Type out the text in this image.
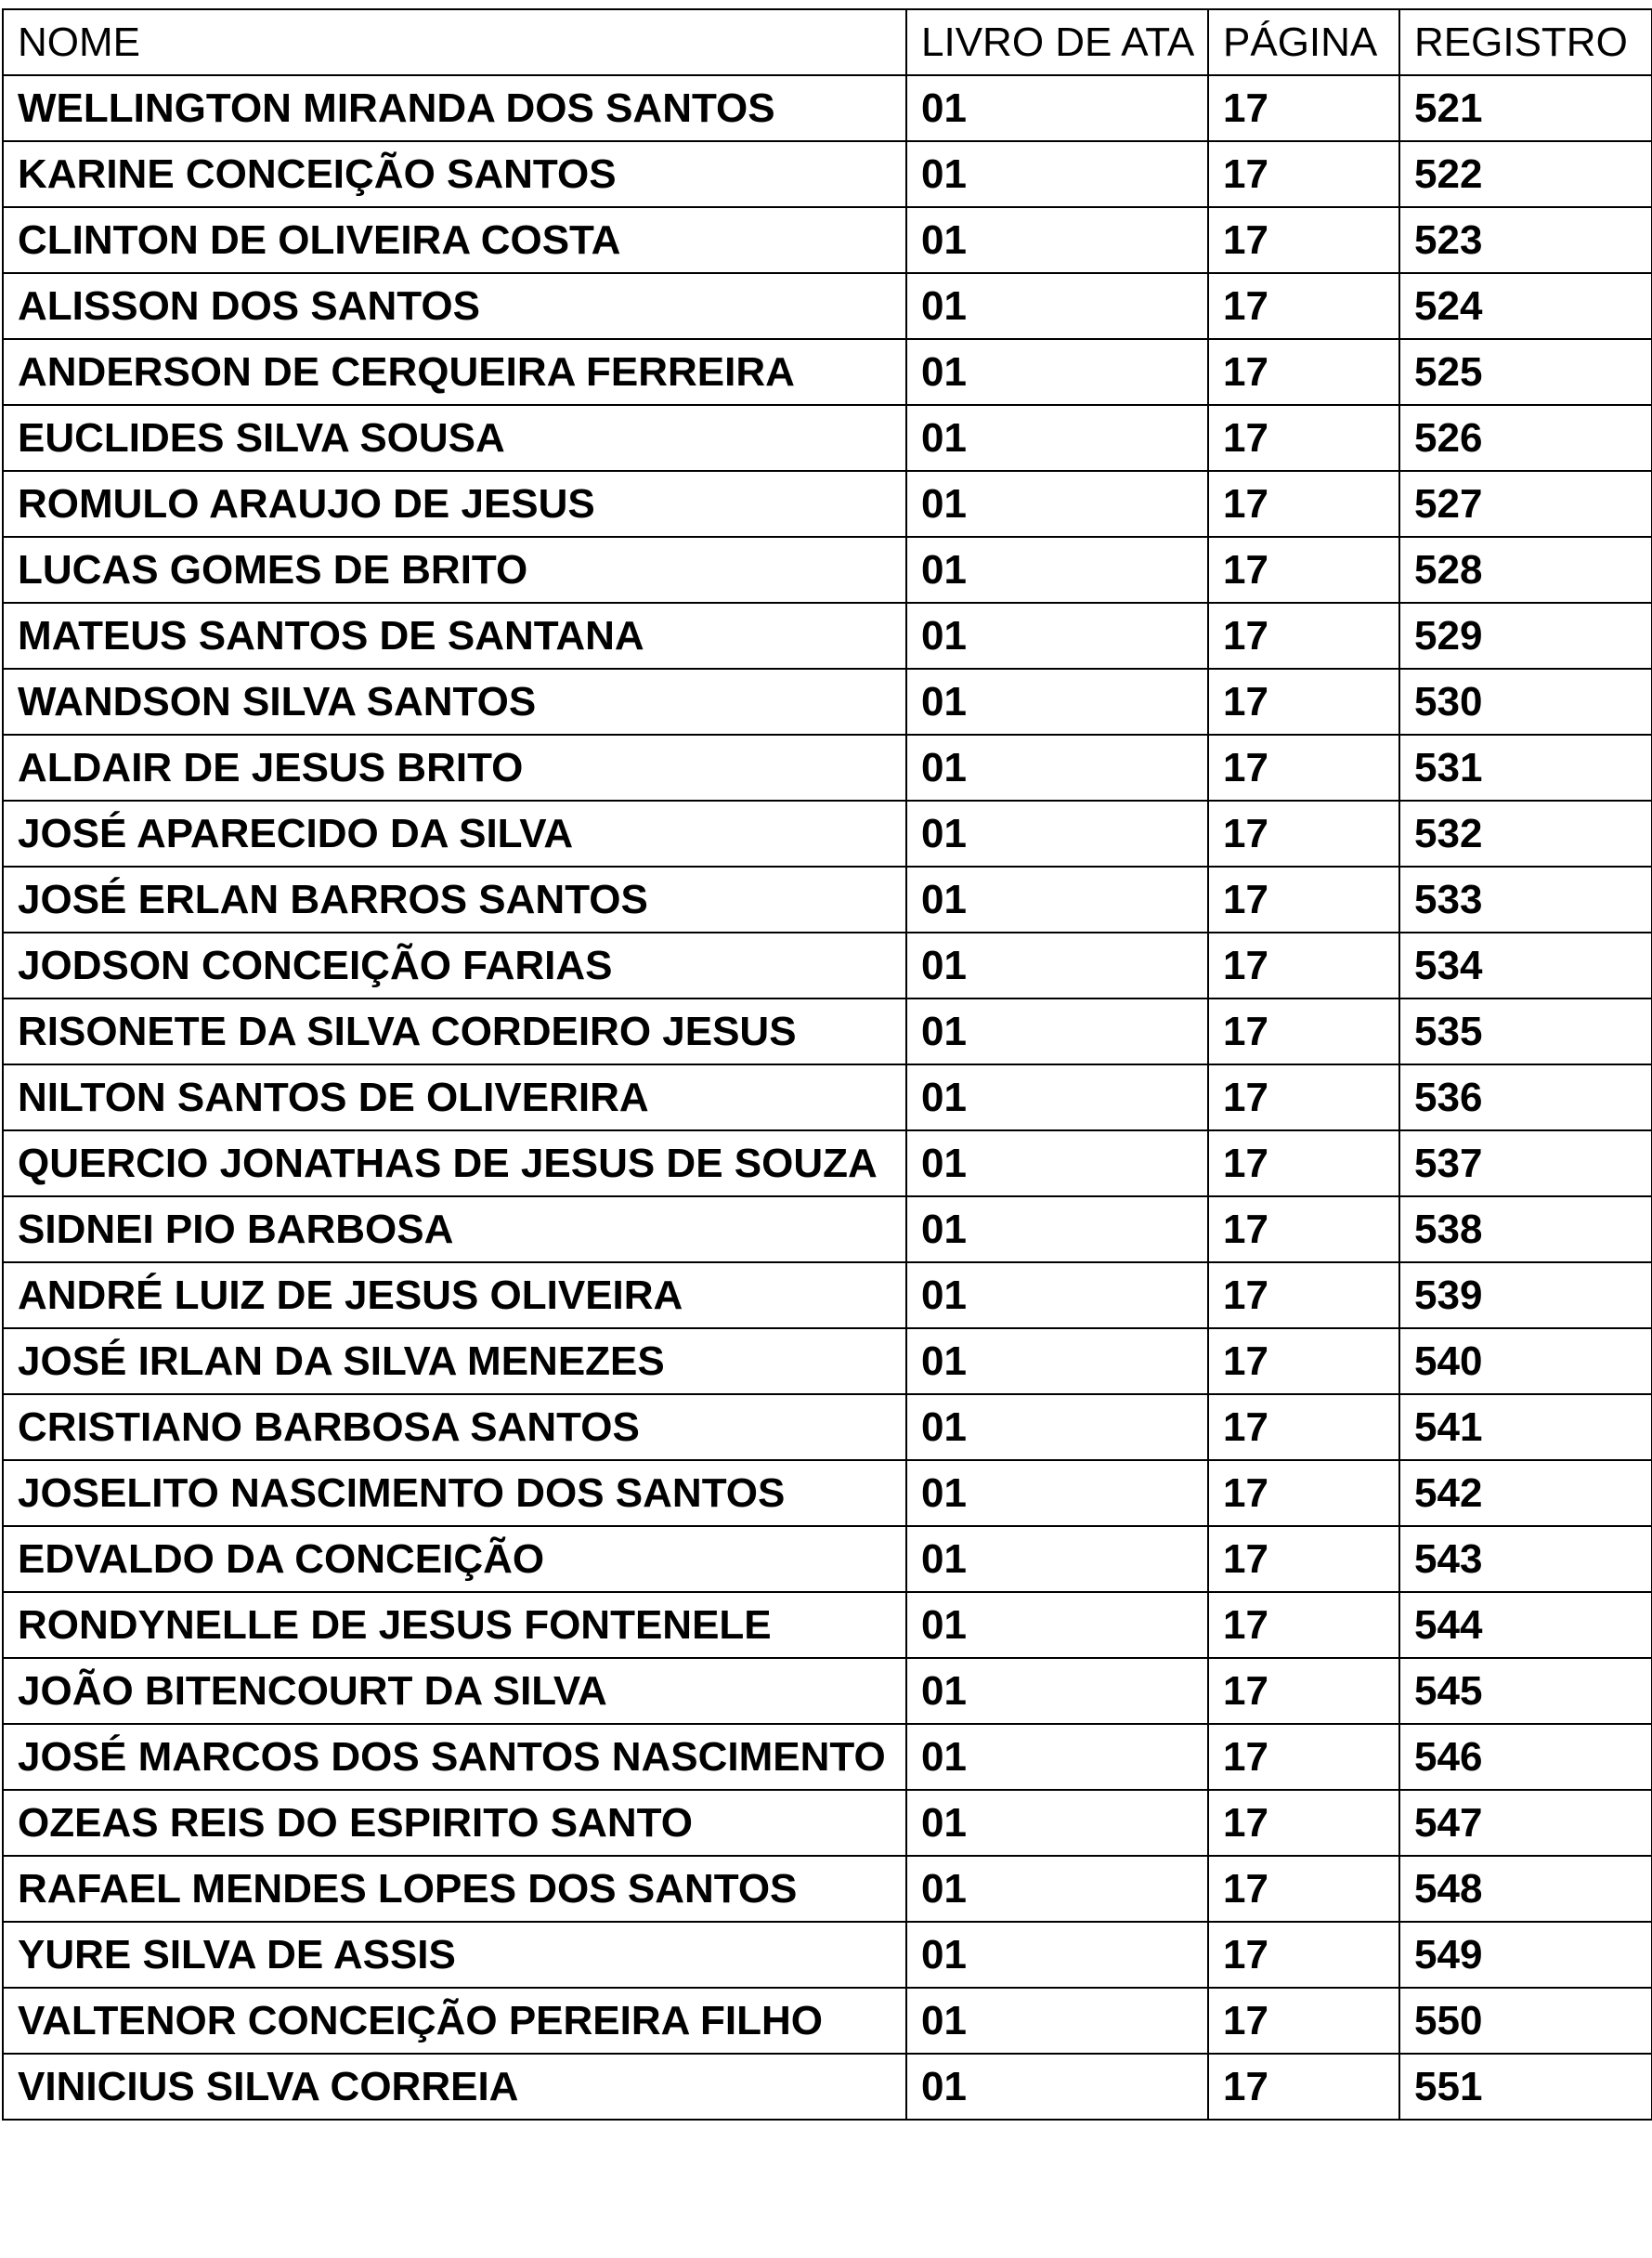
NOME	LIVRO DE ATA	PÁGINA	REGISTRO
WELLINGTON MIRANDA DOS SANTOS	01	17	521
KARINE CONCEIÇÃO SANTOS	01	17	522
CLINTON DE OLIVEIRA COSTA	01	17	523
ALISSON DOS SANTOS	01	17	524
ANDERSON DE CERQUEIRA FERREIRA	01	17	525
EUCLIDES SILVA SOUSA	01	17	526
ROMULO ARAUJO DE JESUS	01	17	527
LUCAS GOMES DE BRITO	01	17	528
MATEUS SANTOS DE SANTANA	01	17	529
WANDSON SILVA SANTOS	01	17	530
ALDAIR DE JESUS BRITO	01	17	531
JOSÉ APARECIDO DA SILVA	01	17	532
JOSÉ ERLAN BARROS SANTOS	01	17	533
JODSON CONCEIÇÃO FARIAS	01	17	534
RISONETE DA SILVA CORDEIRO JESUS	01	17	535
NILTON SANTOS DE OLIVERIRA	01	17	536
QUERCIO JONATHAS DE JESUS DE SOUZA	01	17	537
SIDNEI PIO BARBOSA	01	17	538
ANDRÉ LUIZ DE JESUS OLIVEIRA	01	17	539
JOSÉ IRLAN DA SILVA MENEZES	01	17	540
CRISTIANO BARBOSA SANTOS	01	17	541
JOSELITO NASCIMENTO DOS SANTOS	01	17	542
EDVALDO DA CONCEIÇÃO	01	17	543
RONDYNELLE DE JESUS FONTENELE	01	17	544
JOÃO BITENCOURT DA SILVA	01	17	545
JOSÉ MARCOS DOS SANTOS NASCIMENTO	01	17	546
OZEAS REIS DO ESPIRITO SANTO	01	17	547
RAFAEL MENDES LOPES DOS SANTOS	01	17	548
YURE SILVA DE ASSIS	01	17	549
VALTENOR CONCEIÇÃO PEREIRA FILHO	01	17	550
VINICIUS SILVA CORREIA	01	17	551
